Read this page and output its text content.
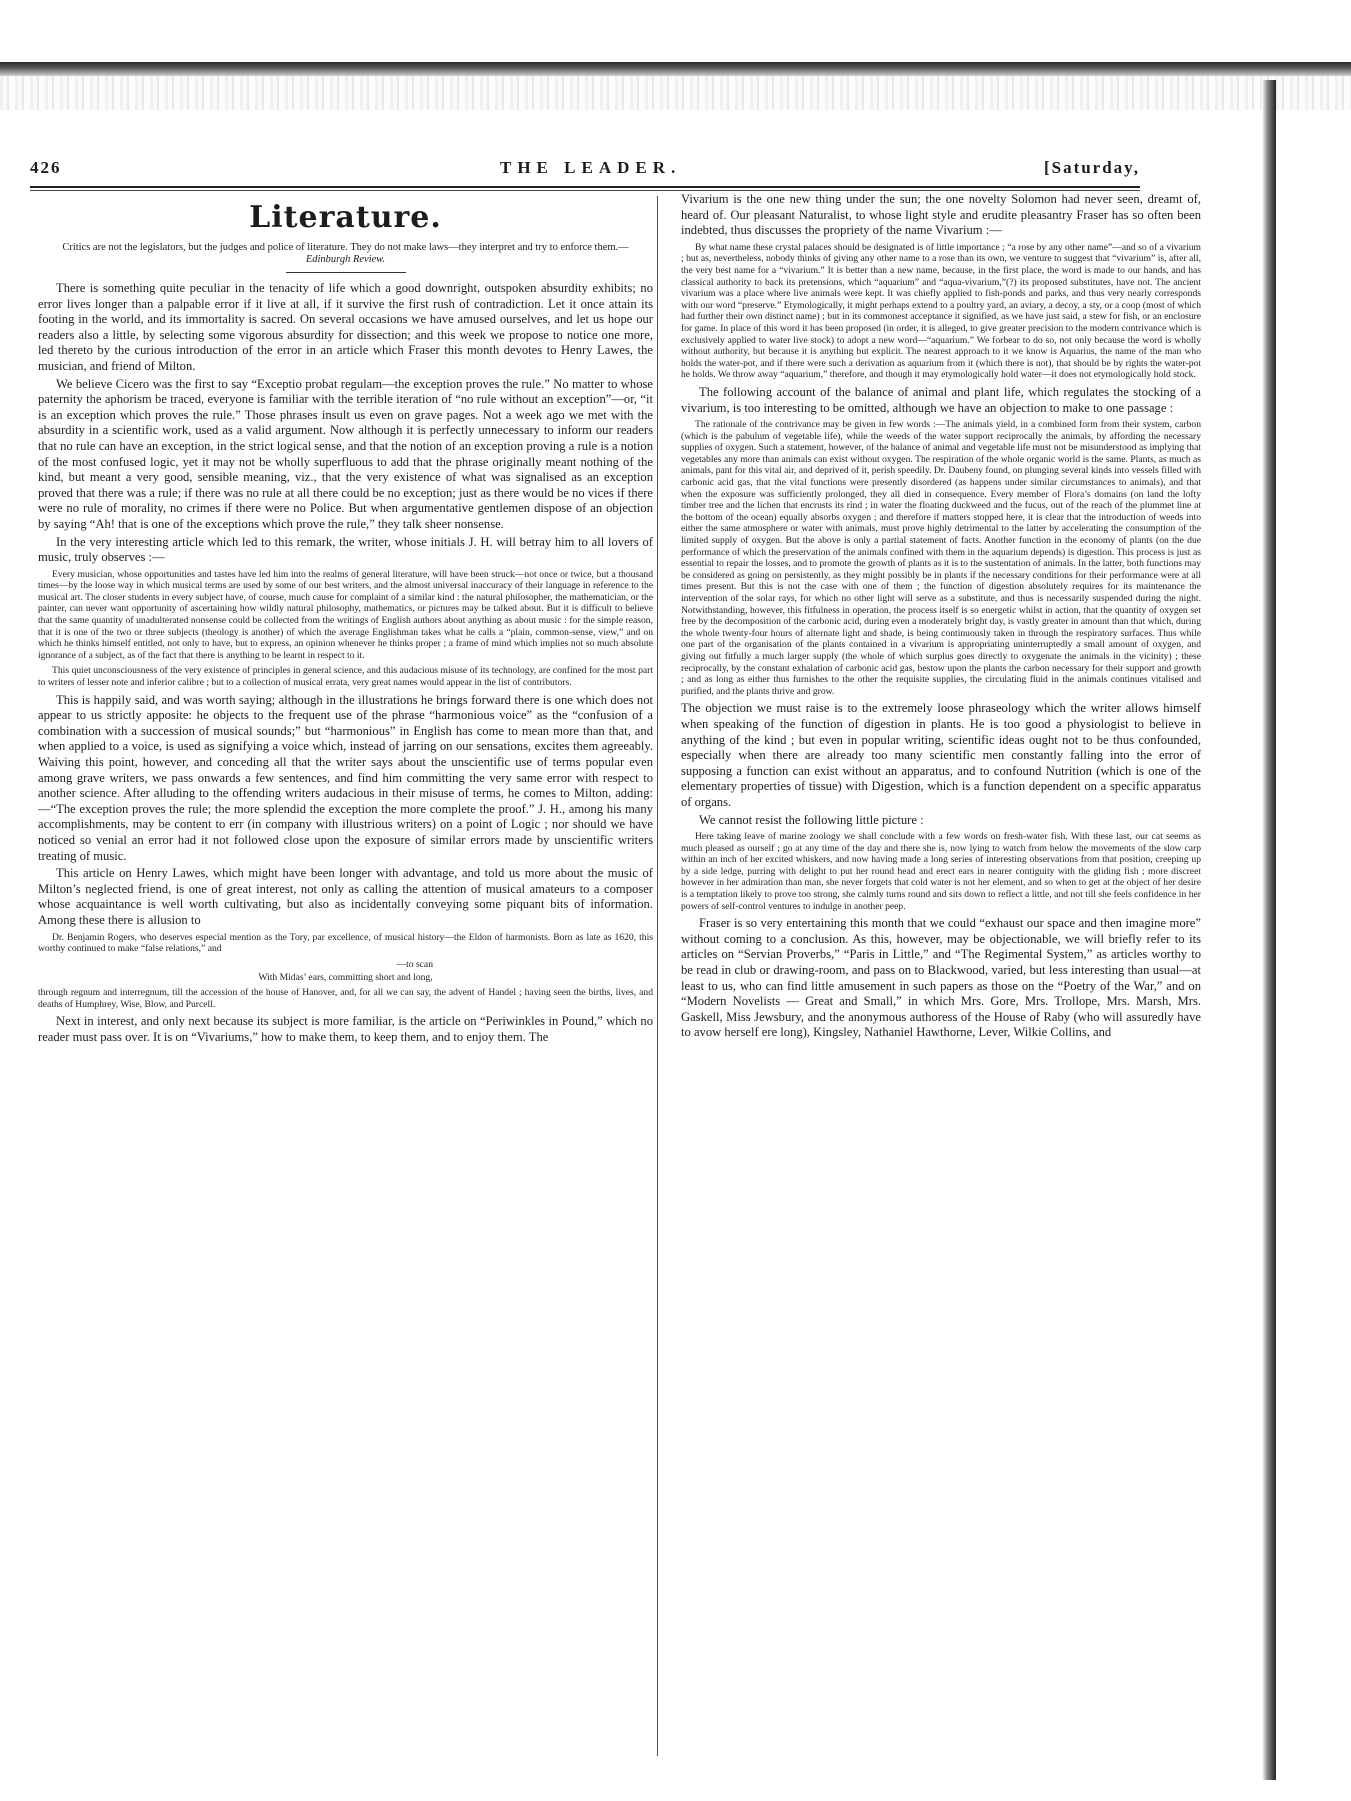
426	THE LEADER.	[Saturday,
Literature.
Critics are not the legislators, but the judges and police of literature. They do not make laws—they interpret and try to enforce them.—Edinburgh Review.

There is something quite peculiar in the tenacity of life which a good downright, outspoken absurdity exhibits; no error lives longer than a palpable error if it live at all, if it survive the first rush of contradiction. Let it once attain its footing in the world, and its immortality is sacred. On several occasions we have amused ourselves, and let us hope our readers also a little, by selecting some vigorous absurdity for dissection; and this week we propose to notice one more, led thereto by the curious introduction of the error in an article which Fraser this month devotes to Henry Lawes, the musician, and friend of Milton.

We believe Cicero was the first to say “Exceptio probat regulam—the exception proves the rule.” No matter to whose paternity the aphorism be traced, everyone is familiar with the terrible iteration of “no rule without an exception”—or, “it is an exception which proves the rule.” Those phrases insult us even on grave pages. Not a week ago we met with the absurdity in a scientific work, used as a valid argument. Now although it is perfectly unnecessary to inform our readers that no rule can have an exception, in the strict logical sense, and that the notion of an exception proving a rule is a notion of the most confused logic, yet it may not be wholly superfluous to add that the phrase originally meant nothing of the kind, but meant a very good, sensible meaning, viz., that the very existence of what was signalised as an exception proved that there was a rule; if there was no rule at all there could be no exception; just as there would be no vices if there were no rule of morality, no crimes if there were no Police. But when argumentative gentlemen dispose of an objection by saying “Ah! that is one of the exceptions which prove the rule,” they talk sheer nonsense.

In the very interesting article which led to this remark, the writer, whose initials J. H. will betray him to all lovers of music, truly observes :—

Every musician, whose opportunities and tastes have led him into the realms of general literature, will have been struck—not once or twice, but a thousand times—by the loose way in which musical terms are used by some of our best writers, and the almost universal inaccuracy of their language in reference to the musical art. The closer students in every subject have, of course, much cause for complaint of a similar kind : the natural philosopher, the mathematician, or the painter, can never want opportunity of ascertaining how wildly natural philosophy, mathematics, or pictures may be talked about. But it is difficult to believe that the same quantity of unadulterated nonsense could be collected from the writings of English authors about anything as about music : for the simple reason, that it is one of the two or three subjects (theology is another) of which the average Englishman takes what he calls a “plain, common-sense, view,” and on which he thinks himself entitled, not only to have, but to express, an opinion whenever he thinks proper ; a frame of mind which implies not so much absolute ignorance of a subject, as of the fact that there is anything to be learnt in respect to it.

This quiet unconsciousness of the very existence of principles in general science, and this audacious misuse of its technology, are confined for the most part to writers of lesser note and inferior calibre ; but to a collection of musical errata, very great names would appear in the list of contributors.

This is happily said, and was worth saying; although in the illustrations he brings forward there is one which does not appear to us strictly apposite: he objects to the frequent use of the phrase “harmonious voice” as the “confusion of a combination with a succession of musical sounds;” but “harmonious” in English has come to mean more than that, and when applied to a voice, is used as signifying a voice which, instead of jarring on our sensations, excites them agreeably. Waiving this point, however, and conceding all that the writer says about the unscientific use of terms popular even among grave writers, we pass onwards a few sentences, and find him committing the very same error with respect to another science. After alluding to the offending writers audacious in their misuse of terms, he comes to Milton, adding:—“The exception proves the rule; the more splendid the exception the more complete the proof.” J. H., among his many accomplishments, may be content to err (in company with illustrious writers) on a point of Logic ; nor should we have noticed so venial an error had it not followed close upon the exposure of similar errors made by unscientific writers treating of music.

This article on Henry Lawes, which might have been longer with advantage, and told us more about the music of Milton’s neglected friend, is one of great interest, not only as calling the attention of musical amateurs to a composer whose acquaintance is well worth cultivating, but also as incidentally conveying some piquant bits of information. Among these there is allusion to

Dr. Benjamin Rogers, who deserves especial mention as the Tory, par excellence, of musical history—the Eldon of harmonists. Born as late as 1620, this worthy continued to make “false relations,” and

—to scan
With Midas’ ears, committing short and long,

through regnum and interregnum, till the accession of the house of Hanover, and, for all we can say, the advent of Handel ; having seen the births, lives, and deaths of Humphrey, Wise, Blow, and Purcell.

Next in interest, and only next because its subject is more familiar, is the article on “Periwinkles in Pound,” which no reader must pass over. It is on “Vivariums,” how to make them, to keep them, and to enjoy them. The

Vivarium is the one new thing under the sun; the one novelty Solomon had never seen, dreamt of, heard of. Our pleasant Naturalist, to whose light style and erudite pleasantry Fraser has so often been indebted, thus discusses the propriety of the name Vivarium :—

By what name these crystal palaces should be designated is of little importance ; “a rose by any other name”—and so of a vivarium ; but as, nevertheless, nobody thinks of giving any other name to a rose than its own, we venture to suggest that “vivarium” is, after all, the very best name for a “vivarium.” It is better than a new name, because, in the first place, the word is made to our hands, and has classical authority to back its pretensions, which “aquarium” and “aqua-vivarium,”(?) its proposed substitutes, have not. The ancient vivarium was a place where live animals were kept. It was chiefly applied to fish-ponds and parks, and thus very nearly corresponds with our word “preserve.” Etymologically, it might perhaps extend to a poultry yard, an aviary, a decoy, a sty, or a coop (most of which had further their own distinct name) ; but in its commonest acceptance it signified, as we have just said, a stew for fish, or an enclosure for game. In place of this word it has been proposed (in order, it is alleged, to give greater precision to the modern contrivance which is exclusively applied to water live stock) to adopt a new word—“aquarium.” We forbear to do so, not only because the word is wholly without authority, but because it is anything but explicit. The nearest approach to it we know is Aquarius, the name of the man who holds the water-pot, and if there were such a derivation as aquarium from it (which there is not), that should be by rights the water-pot he holds. We throw away “aquarium,” therefore, and though it may etymologically hold water—it does not etymologically hold stock.

The following account of the balance of animal and plant life, which regulates the stocking of a vivarium, is too interesting to be omitted, although we have an objection to make to one passage :

The rationale of the contrivance may be given in few words :—The animals yield, in a combined form from their system, carbon (which is the pabulum of vegetable life), while the weeds of the water support reciprocally the animals, by affording the necessary supplies of oxygen. Such a statement, however, of the balance of animal and vegetable life must not be misunderstood as implying that vegetables any more than animals can exist without oxygen. The respiration of the whole organic world is the same. Plants, as much as animals, pant for this vital air, and deprived of it, perish speedily. Dr. Daubeny found, on plunging several kinds into vessels filled with carbonic acid gas, that the vital functions were presently disordered (as happens under similar circumstances to animals), and that when the exposure was sufficiently prolonged, they all died in consequence. Every member of Flora’s domains (on land the lofty timber tree and the lichen that encrusts its rind ; in water the floating duckweed and the fucus, out of the reach of the plummet line at the bottom of the ocean) equally absorbs oxygen ; and therefore if matters stopped here, it is clear that the introduction of weeds into either the same atmosphere or water with animals, must prove highly detrimental to the latter by accelerating the consumption of the limited supply of oxygen. But the above is only a partial statement of facts. Another function in the economy of plants (on the due performance of which the preservation of the animals confined with them in the aquarium depends) is digestion. This process is just as essential to repair the losses, and to promote the growth of plants as it is to the sustentation of animals. In the latter, both functions may be considered as going on persistently, as they might possibly be in plants if the necessary conditions for their performance were at all times present. But this is not the case with one of them ; the function of digestion absolutely requires for its maintenance the intervention of the solar rays, for which no other light will serve as a substitute, and thus is necessarily suspended during the night. Notwithstanding, however, this fitfulness in operation, the process itself is so energetic whilst in action, that the quantity of oxygen set free by the decomposition of the carbonic acid, during even a moderately bright day, is vastly greater in amount than that which, during the whole twenty-four hours of alternate light and shade, is being continuously taken in through the respiratory surfaces. Thus while one part of the organisation of the plants contained in a vivarium is appropriating uninterruptedly a small amount of oxygen, and giving out fitfully a much larger supply (the whole of which surplus goes directly to oxygenate the animals in the vicinity) ; these reciprocally, by the constant exhalation of carbonic acid gas, bestow upon the plants the carbon necessary for their support and growth ; and as long as either thus furnishes to the other the requisite supplies, the circulating fluid in the animals continues vitalised and purified, and the plants thrive and grow.

The objection we must raise is to the extremely loose phraseology which the writer allows himself when speaking of the function of digestion in plants. He is too good a physiologist to believe in anything of the kind ; but even in popular writing, scientific ideas ought not to be thus confounded, especially when there are already too many scientific men constantly falling into the error of supposing a function can exist without an apparatus, and to confound Nutrition (which is one of the elementary properties of tissue) with Digestion, which is a function dependent on a specific apparatus of organs.

We cannot resist the following little picture :

Here taking leave of marine zoology we shall conclude with a few words on fresh-water fish. With these last, our cat seems as much pleased as ourself ; go at any time of the day and there she is, now lying to watch from below the movements of the slow carp within an inch of her excited whiskers, and now having made a long series of interesting observations from that position, creeping up by a side ledge, purring with delight to put her round head and erect ears in nearer contiguity with the gliding fish ; more discreet however in her admiration than man, she never forgets that cold water is not her element, and so when to get at the object of her desire is a temptation likely to prove too strong, she calmly turns round and sits down to reflect a little, and not till she feels confidence in her powers of self-control ventures to indulge in another peep.

Fraser is so very entertaining this month that we could “exhaust our space and then imagine more” without coming to a conclusion. As this, however, may be objectionable, we will briefly refer to its articles on “Servian Proverbs,” “Paris in Little,” and “The Regimental System,” as articles worthy to be read in club or drawing-room, and pass on to Blackwood, varied, but less interesting than usual—at least to us, who can find little amusement in such papers as those on the “Poetry of the War,” and on “Modern Novelists — Great and Small,” in which Mrs. Gore, Mrs. Trollope, Mrs. Marsh, Mrs. Gaskell, Miss Jewsbury, and the anonymous authoress of the House of Raby (who will assuredly have to avow herself ere long), Kingsley, Nathaniel Hawthorne, Lever, Wilkie Collins, and
